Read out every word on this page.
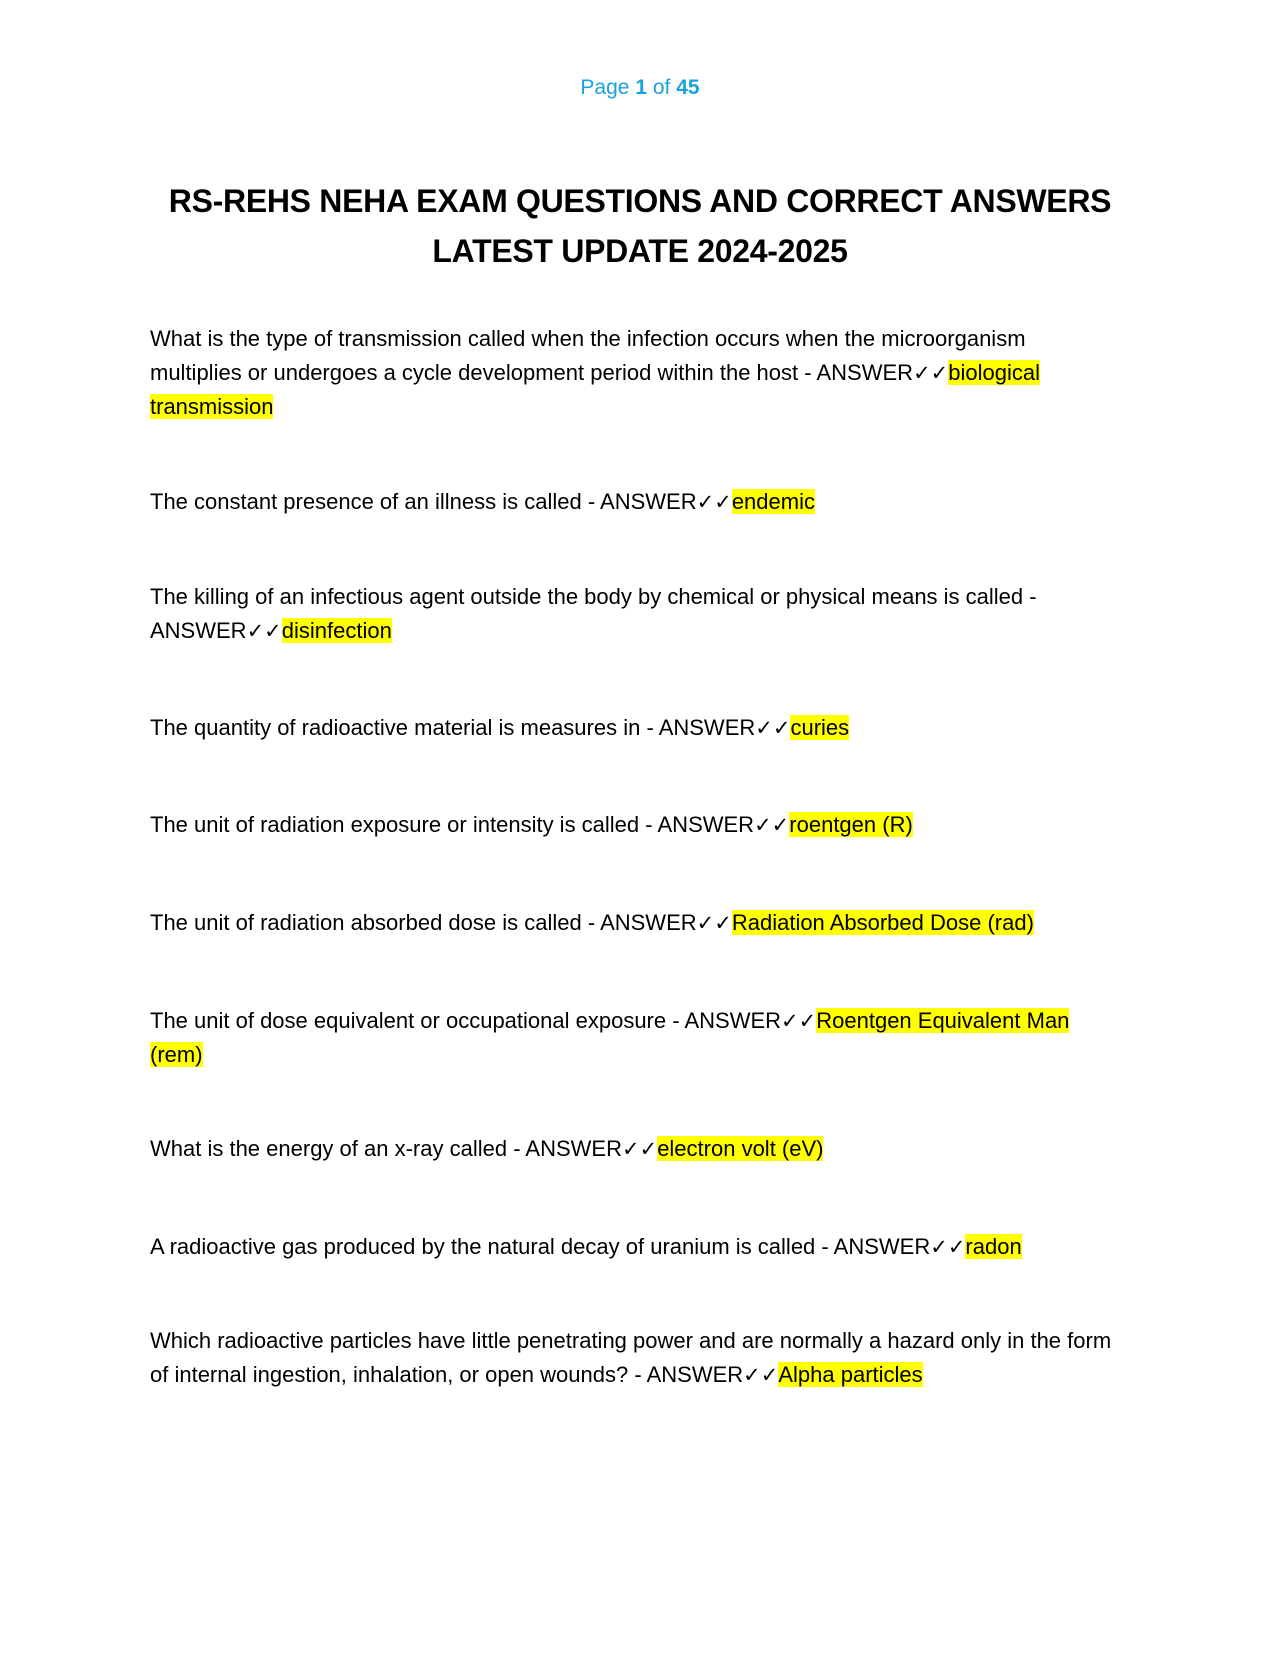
Page 1 of 45
RS-REHS NEHA EXAM QUESTIONS AND CORRECT ANSWERS
LATEST UPDATE 2024-2025
What is the type of transmission called when the infection occurs when the microorganism multiplies or undergoes a cycle development period within the host - ANSWER✓✓biological transmission
The constant presence of an illness is called - ANSWER✓✓endemic
The killing of an infectious agent outside the body by chemical or physical means is called - ANSWER✓✓disinfection
The quantity of radioactive material is measures in - ANSWER✓✓curies
The unit of radiation exposure or intensity is called - ANSWER✓✓roentgen (R)
The unit of radiation absorbed dose is called - ANSWER✓✓Radiation Absorbed Dose (rad)
The unit of dose equivalent or occupational exposure - ANSWER✓✓Roentgen Equivalent Man (rem)
What is the energy of an x-ray called - ANSWER✓✓electron volt (eV)
A radioactive gas produced by the natural decay of uranium is called - ANSWER✓✓radon
Which radioactive particles have little penetrating power and are normally a hazard only in the form of internal ingestion, inhalation, or open wounds? - ANSWER✓✓Alpha particles
